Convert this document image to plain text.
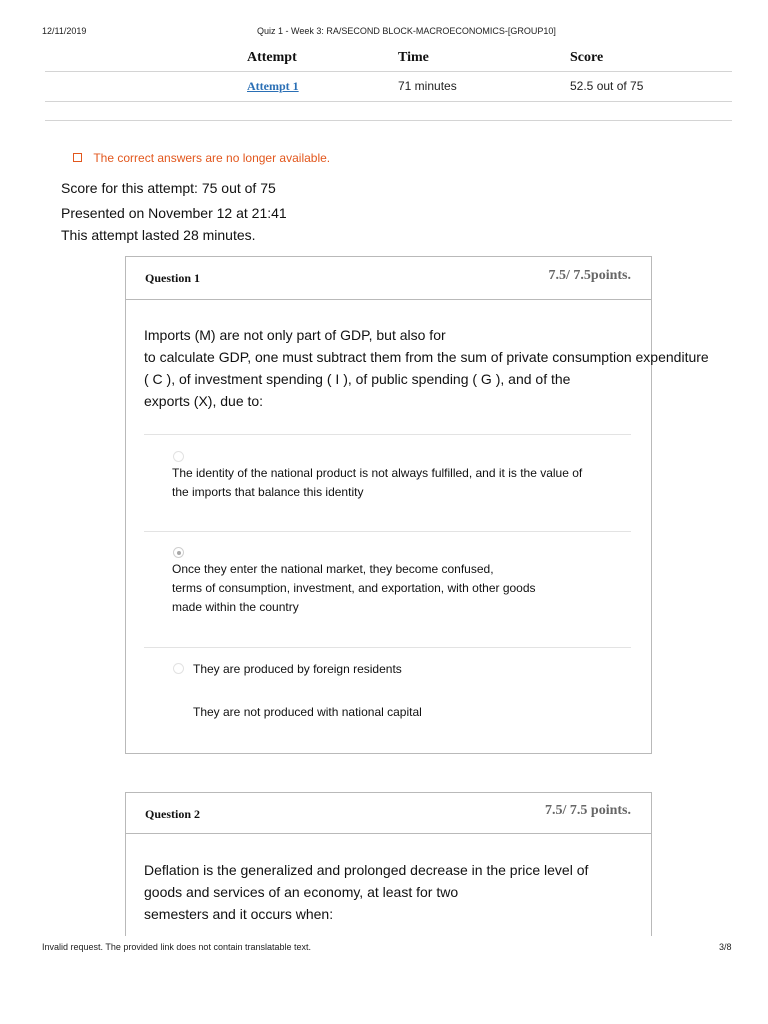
12/11/2019	Quiz 1 - Week 3: RA/SECOND BLOCK-MACROECONOMICS-[GROUP10]
Attempt	Time	Score
Attempt 1	71 minutes	52.5 out of 75
The correct answers are no longer available.
Score for this attempt: 75 out of 75
Presented on November 12 at 21:41
This attempt lasted 28 minutes.
Question 1	7.5/ 7.5points.
Imports (M) are not only part of GDP, but also for
to calculate GDP, one must subtract them from the sum of private consumption expenditure
( C ), of investment spending ( I ), of public spending ( G ), and of the
exports (X), due to:
The identity of the national product is not always fulfilled, and it is the value of
the imports that balance this identity
Once they enter the national market, they become confused,
terms of consumption, investment, and exportation, with other goods
made within the country
They are produced by foreign residents
They are not produced with national capital
Question 2	7.5/ 7.5 points.
Deflation is the generalized and prolonged decrease in the price level of
goods and services of an economy, at least for two
semesters and it occurs when:
Invalid request. The provided link does not contain translatable text.	3/8
